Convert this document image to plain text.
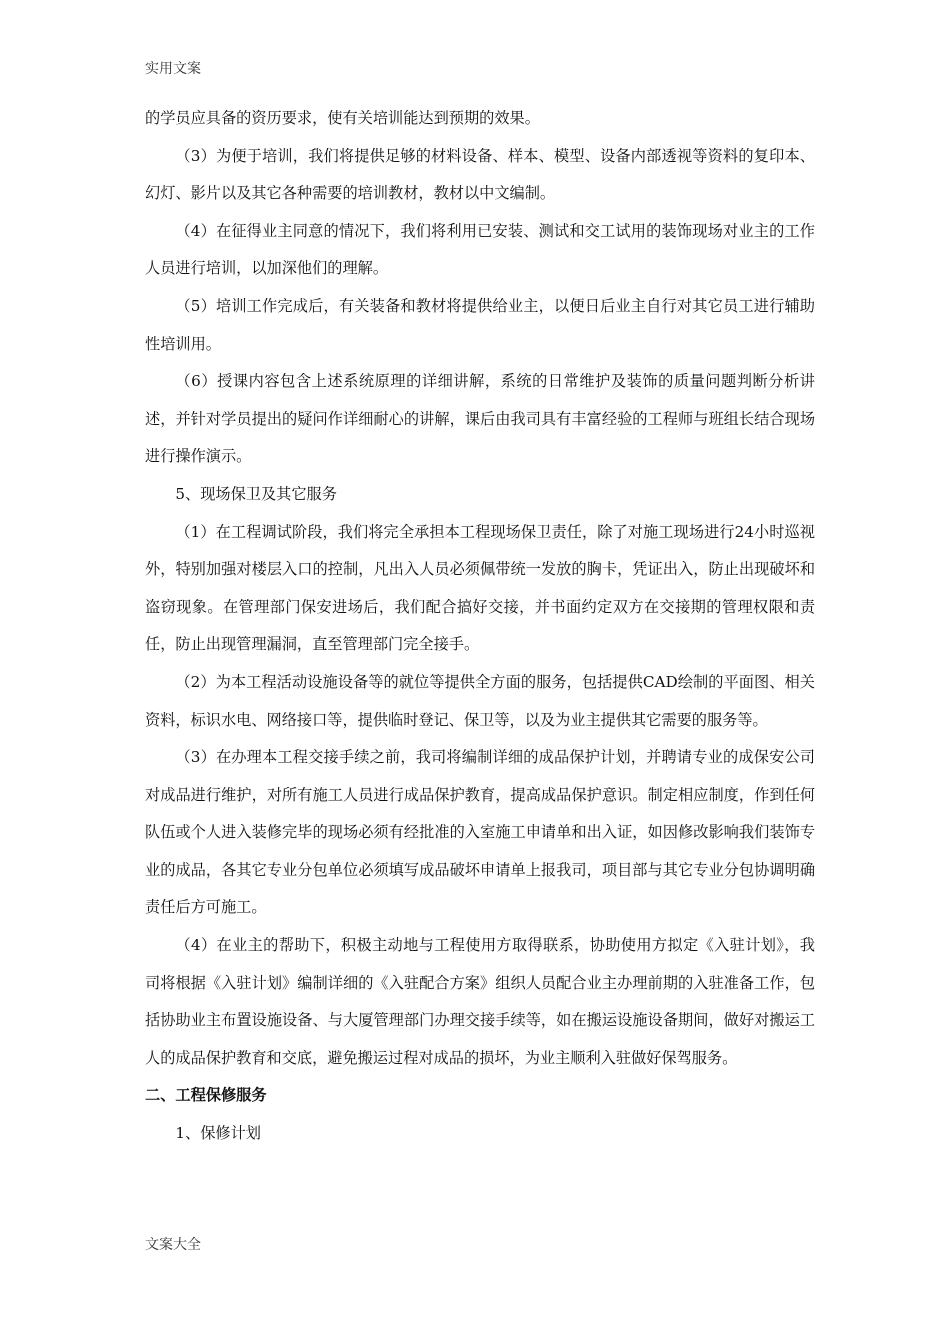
实用文案

的学员应具备的资历要求，使有关培训能达到预期的效果。

（3）为便于培训，我们将提供足够的材料设备、样本、模型、设备内部透视等资料的复印本、幻灯、影片以及其它各种需要的培训教材，教材以中文编制。

（4）在征得业主同意的情况下，我们将利用已安装、测试和交工试用的装饰现场对业主的工作人员进行培训，以加深他们的理解。

（5）培训工作完成后，有关装备和教材将提供给业主，以便日后业主自行对其它员工进行辅助性培训用。

（6）授课内容包含上述系统原理的详细讲解，系统的日常维护及装饰的质量问题判断分析讲述，并针对学员提出的疑问作详细耐心的讲解，课后由我司具有丰富经验的工程师与班组长结合现场进行操作演示。

5、现场保卫及其它服务

（1）在工程调试阶段，我们将完全承担本工程现场保卫责任，除了对施工现场进行24小时巡视外，特别加强对楼层入口的控制，凡出入人员必须佩带统一发放的胸卡，凭证出入，防止出现破坏和盗窃现象。在管理部门保安进场后，我们配合搞好交接，并书面约定双方在交接期的管理权限和责任，防止出现管理漏洞，直至管理部门完全接手。

（2）为本工程活动设施设备等的就位等提供全方面的服务，包括提供CAD绘制的平面图、相关资料，标识水电、网络接口等，提供临时登记、保卫等，以及为业主提供其它需要的服务等。

（3）在办理本工程交接手续之前，我司将编制详细的成品保护计划，并聘请专业的成保安公司对成品进行维护，对所有施工人员进行成品保护教育，提高成品保护意识。制定相应制度，作到任何队伍或个人进入装修完毕的现场必须有经批准的入室施工申请单和出入证，如因修改影响我们装饰专业的成品，各其它专业分包单位必须填写成品破坏申请单上报我司，项目部与其它专业分包协调明确责任后方可施工。

（4）在业主的帮助下，积极主动地与工程使用方取得联系，协助使用方拟定《入驻计划》，我司将根据《入驻计划》编制详细的《入驻配合方案》组织人员配合业主办理前期的入驻准备工作，包括协助业主布置设施设备、与大厦管理部门办理交接手续等，如在搬运设施设备期间，做好对搬运工人的成品保护教育和交底，避免搬运过程对成品的损坏，为业主顺利入驻做好保驾服务。

二、工程保修服务

1、保修计划

文案大全
